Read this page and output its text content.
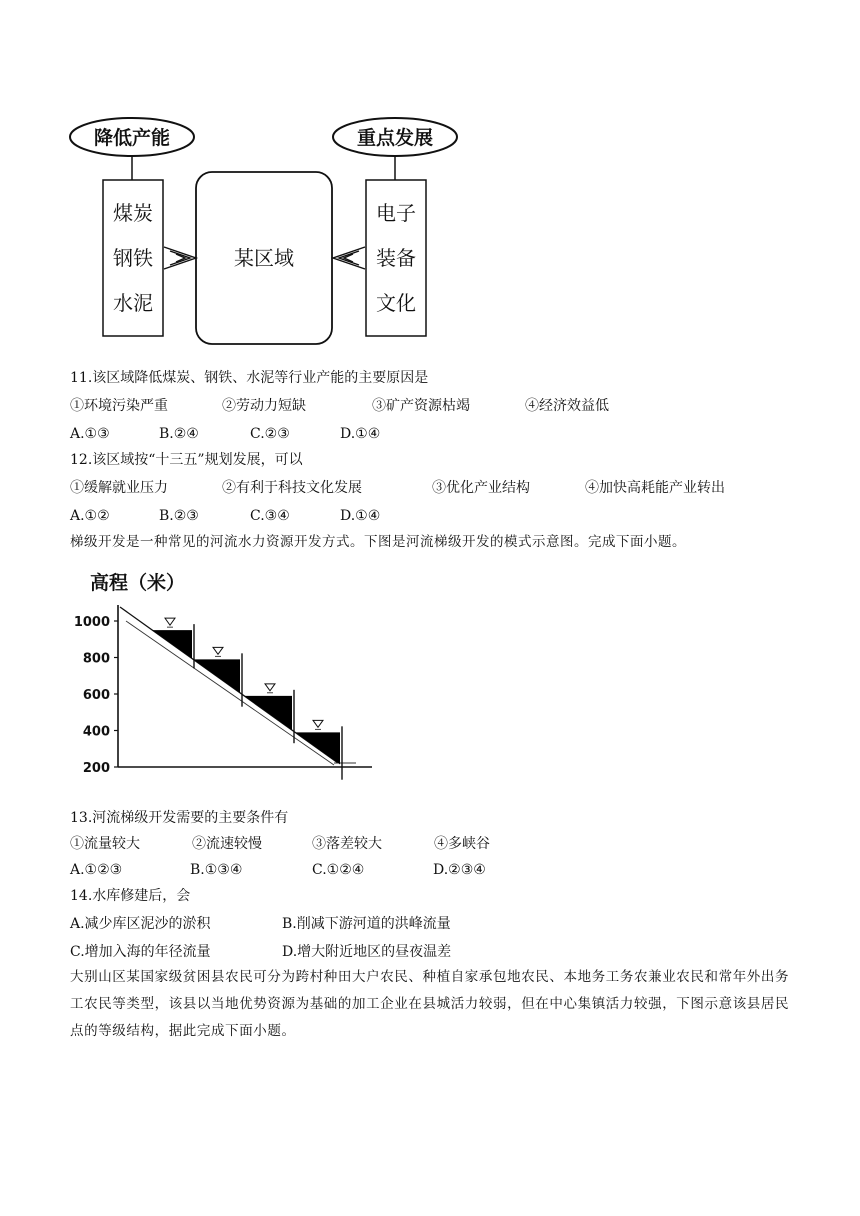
降低产能	重点发展
煤炭
钢铁
水泥
某区域
电子
装备
文化
11.该区域降低煤炭、钢铁、水泥等行业产能的主要原因是
①环境污染严重	②劳动力短缺	③矿产资源枯竭	④经济效益低
A.①③	B.②④	C.②③	D.①④
12.该区域按“十三五”规划发展，可以
①缓解就业压力	②有利于科技文化发展	③优化产业结构	④加快高耗能产业转出
A.①②	B.②③	C.③④	D.①④
梯级开发是一种常见的河流水力资源开发方式。下图是河流梯级开发的模式示意图。完成下面小题。
高程（米）
1000
800
600
400
200
13.河流梯级开发需要的主要条件有
①流量较大	②流速较慢	③落差较大	④多峡谷
A.①②③	B.①③④	C.①②④	D.②③④
14.水库修建后，会
A.减少库区泥沙的淤积	B.削减下游河道的洪峰流量
C.增加入海的年径流量	D.增大附近地区的昼夜温差
大别山区某国家级贫困县农民可分为跨村种田大户农民、种植自家承包地农民、本地务工务农兼业农民和常年外出务工农民等类型，该县以当地优势资源为基础的加工企业在县城活力较弱，但在中心集镇活力较强，下图示意该县居民点的等级结构，据此完成下面小题。
